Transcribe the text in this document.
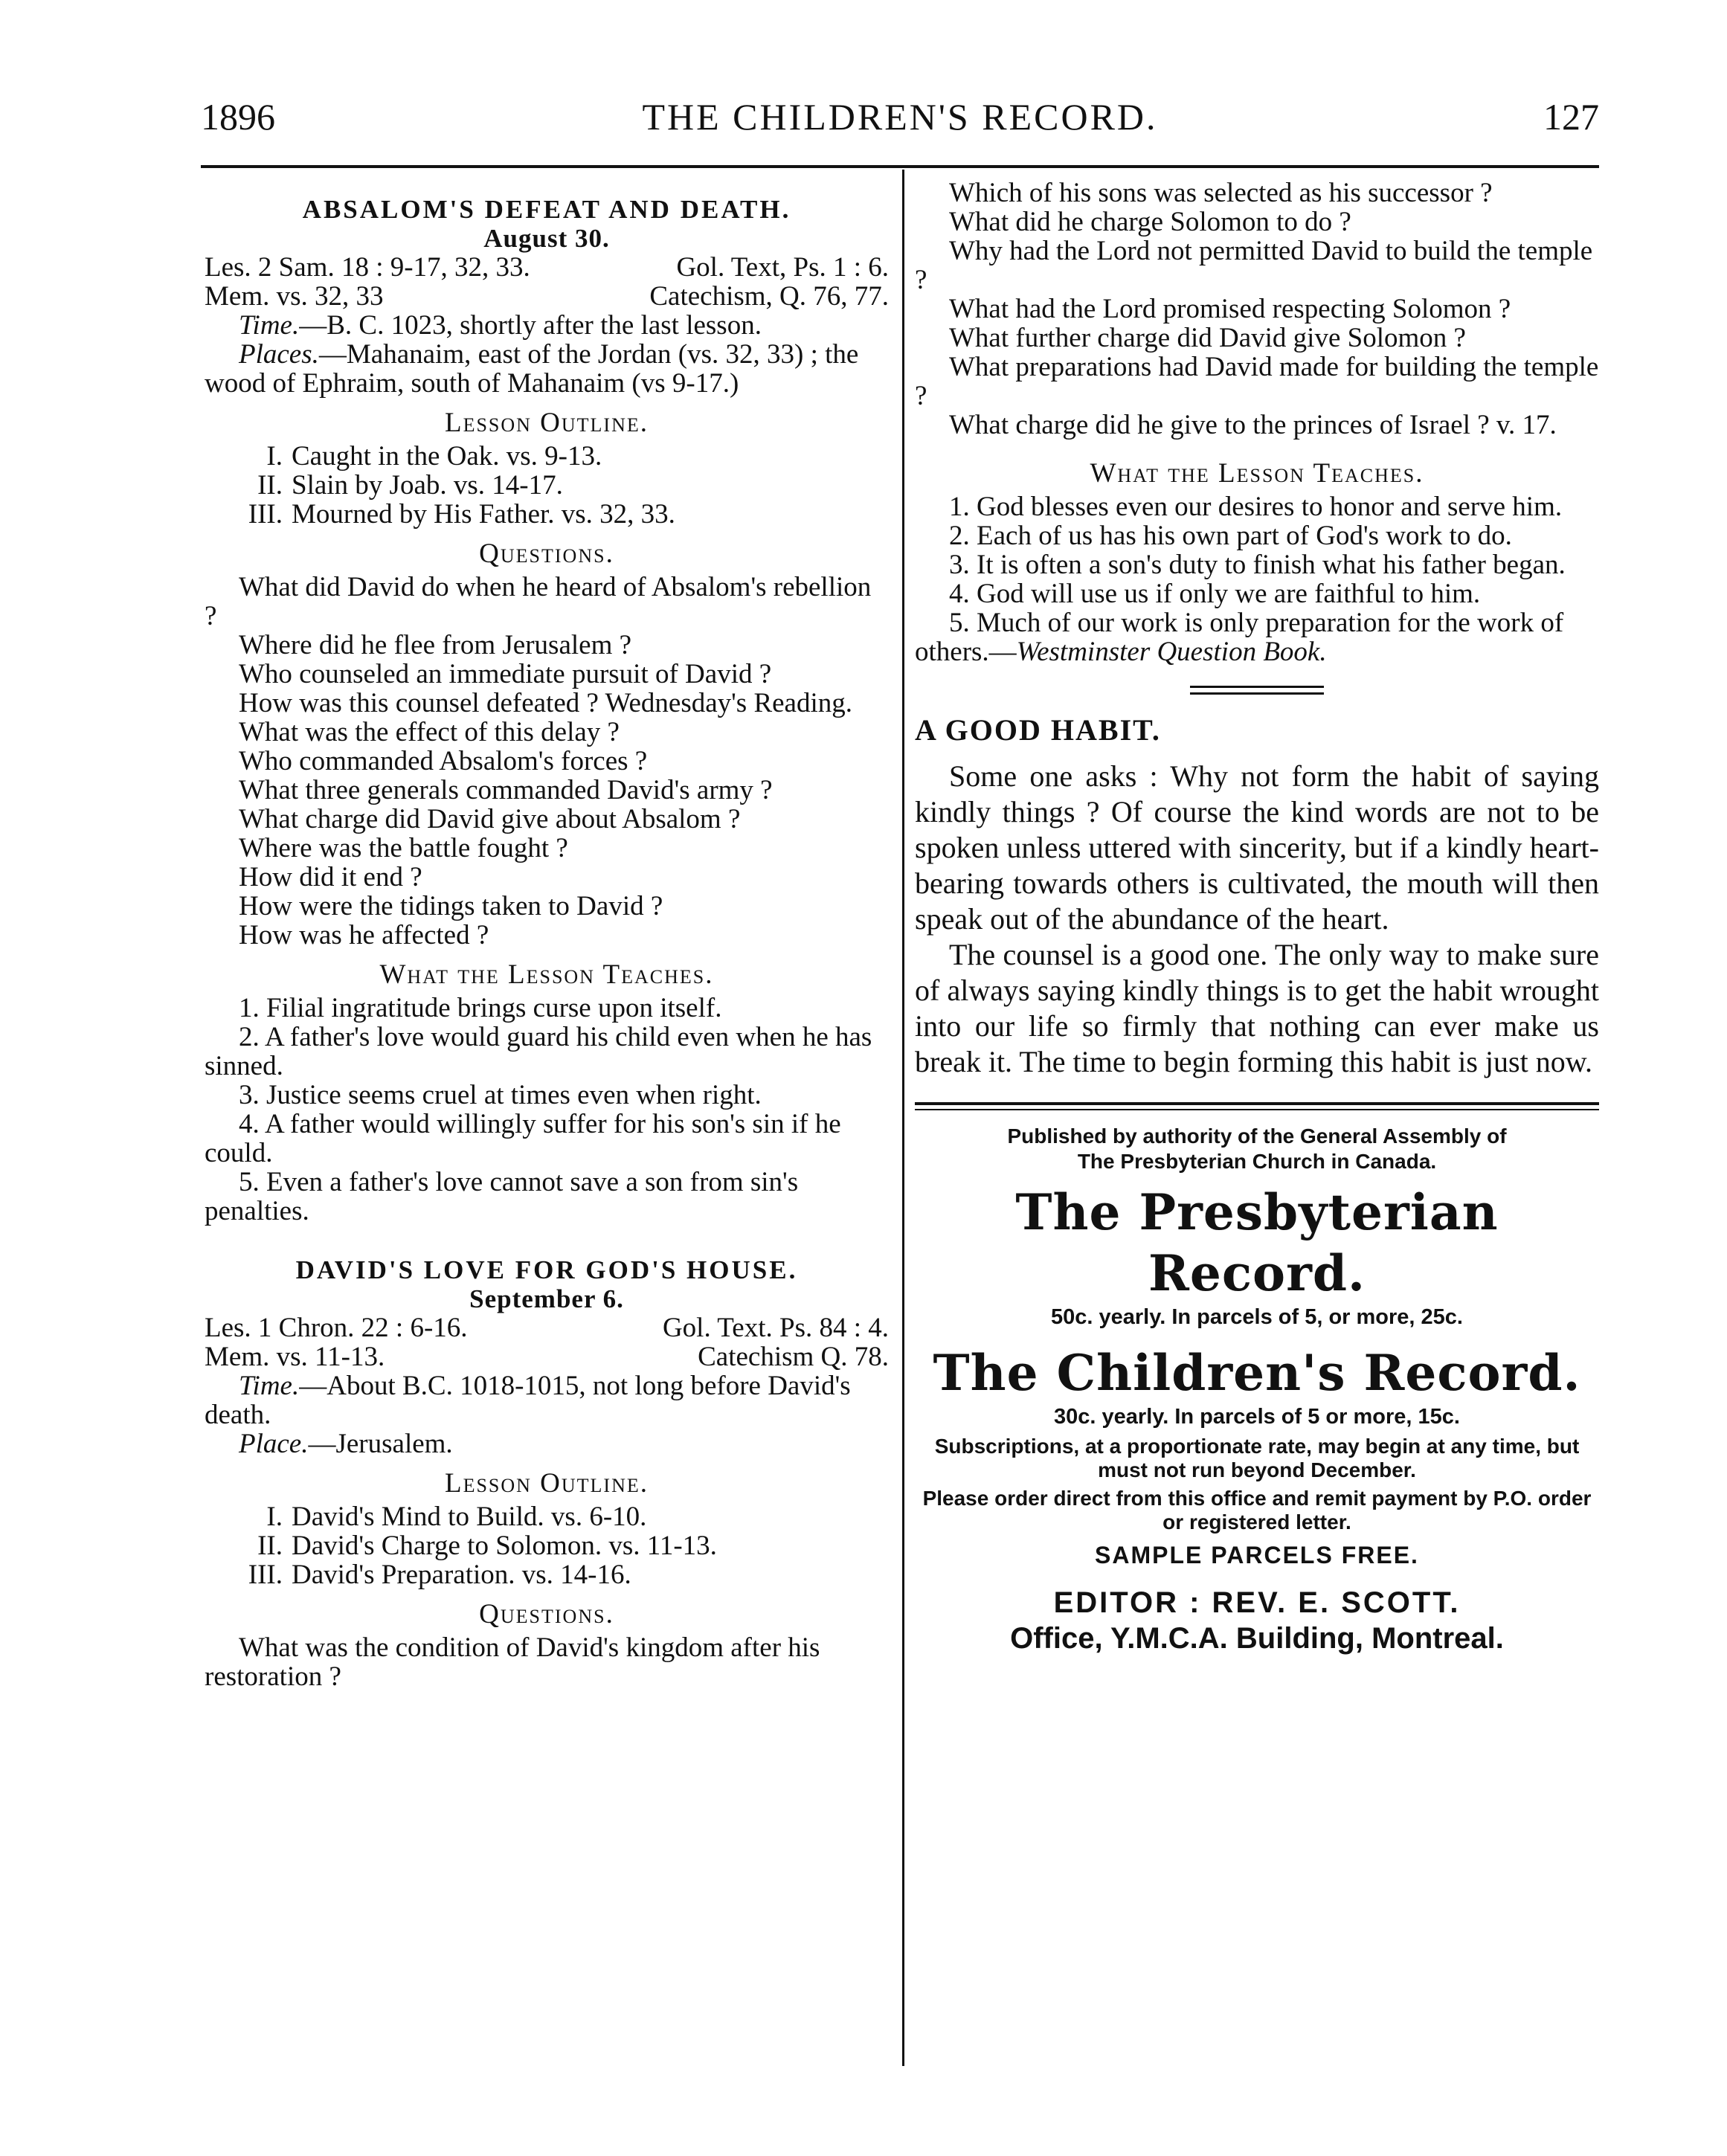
1896	THE CHILDREN'S RECORD.	127

ABSALOM'S DEFEAT AND DEATH.

August 30.

Les. 2 Sam. 18 : 9-17, 32, 33.	Gol. Text, Ps. 1 : 6.
Mem. vs. 32, 33	Catechism, Q. 76, 77.

Time.—B. C. 1023, shortly after the last lesson.

Places.—Mahanaim, east of the Jordan (vs. 32, 33) ; the wood of Ephraim, south of Mahanaim (vs 9-17.)

Lesson Outline.

I. Caught in the Oak. vs. 9-13.
II. Slain by Joab. vs. 14-17.
III. Mourned by His Father. vs. 32, 33.

Questions.

What did David do when he heard of Absalom's rebellion ?

Where did he flee from Jerusalem ?

Who counseled an immediate pursuit of David ?

How was this counsel defeated ? Wednesday's Reading.

What was the effect of this delay ?

Who commanded Absalom's forces ?

What three generals commanded David's army ?

What charge did David give about Absalom ?

Where was the battle fought ?

How did it end ?

How were the tidings taken to David ?

How was he affected ?

What the Lesson Teaches.

1. Filial ingratitude brings curse upon itself.

2. A father's love would guard his child even when he has sinned.

3. Justice seems cruel at times even when right.

4. A father would willingly suffer for his son's sin if he could.

5. Even a father's love cannot save a son from sin's penalties.

DAVID'S LOVE FOR GOD'S HOUSE.

September 6.

Les. 1 Chron. 22 : 6-16.	Gol. Text. Ps. 84 : 4.
Mem. vs. 11-13.	Catechism Q. 78.

Time.—About B.C. 1018-1015, not long before David's death.

Place.—Jerusalem.

Lesson Outline.

I. David's Mind to Build. vs. 6-10.
II. David's Charge to Solomon. vs. 11-13.
III. David's Preparation. vs. 14-16.

Questions.

What was the condition of David's kingdom after his restoration ?

Which of his sons was selected as his successor ?

What did he charge Solomon to do ?

Why had the Lord not permitted David to build the temple ?

What had the Lord promised respecting Solomon ?

What further charge did David give Solomon ?

What preparations had David made for building the temple ?

What charge did he give to the princes of Israel ? v. 17.

What the Lesson Teaches.

1. God blesses even our desires to honor and serve him.

2. Each of us has his own part of God's work to do.

3. It is often a son's duty to finish what his father began.

4. God will use us if only we are faithful to him.

5. Much of our work is only preparation for the work of others.—Westminster Question Book.

A GOOD HABIT.

Some one asks : Why not form the habit of saying kindly things ? Of course the kind words are not to be spoken unless uttered with sincerity, but if a kindly heart-bearing towards others is cultivated, the mouth will then speak out of the abundance of the heart.

The counsel is a good one. The only way to make sure of always saying kindly things is to get the habit wrought into our life so firmly that nothing can ever make us break it. The time to begin forming this habit is just now.

Published by authority of the General Assembly of
The Presbyterian Church in Canada.
The Presbyterian Record.
50c. yearly. In parcels of 5, or more, 25c.
The Children's Record.
30c. yearly. In parcels of 5 or more, 15c.
Subscriptions, at a proportionate rate, may begin at any time, but must not run beyond December.
Please order direct from this office and remit payment by P.O. order or registered letter.
SAMPLE PARCELS FREE.
EDITOR : REV. E. SCOTT.
Office, Y.M.C.A. Building, Montreal.
